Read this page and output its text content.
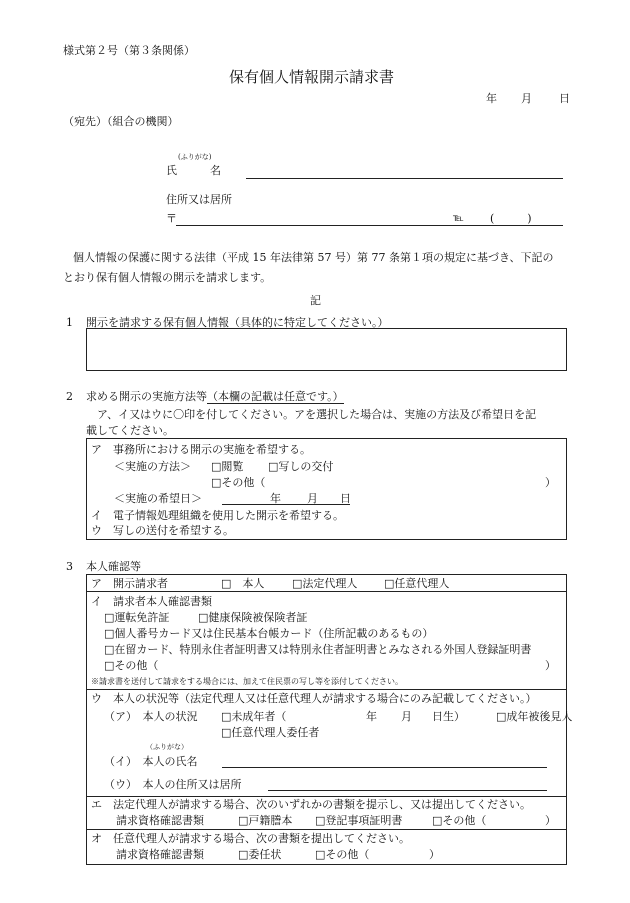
様式第２号（第３条関係）
保有個人情報開示請求書
年 月 日
（宛先）（組合の機関）
(ふりがな)
氏　　　名
住所又は居所
〒	℡ (　　　)
個人情報の保護に関する法律（平成 15 年法律第 57 号）第 77 条第１項の規定に基づき、下記の
とおり保有個人情報の開示を請求します。
記
1 開示を請求する保有個人情報（具体的に特定してください。）
2 求める開示の実施方法等（本欄の記載は任意です。）
ア、イ又はウに〇印を付してください。アを選択した場合は、実施の方法及び希望日を記
載してください。
ア　事務所における開示の実施を希望する。
＜実施の方法＞ □閲覧 □写しの交付
□その他（	）
＜実施の希望日＞	年 月 日
イ　電子情報処理組織を使用した開示を希望する。
ウ　写しの送付を希望する。
3 本人確認等
ア　開示請求者	□　本人	□法定代理人 □任意代理人
イ　請求者本人確認書類
□運転免許証	□健康保険被保険者証
□個人番号カード又は住民基本台帳カード（住所記載のあるもの）
□在留カード、特別永住者証明書又は特別永住者証明書とみなされる外国人登録証明書
□その他（	）
※請求書を送付して請求をする場合には、加えて住民票の写し等を添付してください。
ウ　本人の状況等（法定代理人又は任意代理人が請求する場合にのみ記載してください。）
（ア）　本人の状況 □未成年者（	年 月 日生）	□成年被後見人
□任意代理人委任者
（ふりがな）
（イ）　本人の氏名
（ウ）　本人の住所又は居所
エ　法定代理人が請求する場合、次のいずれかの書類を提示し、又は提出してください。
請求資格確認書類	□戸籍謄本 □登記事項証明書	□その他（	）
オ　任意代理人が請求する場合、次の書類を提出してください。
請求資格確認書類	□委任状	□その他（	）
